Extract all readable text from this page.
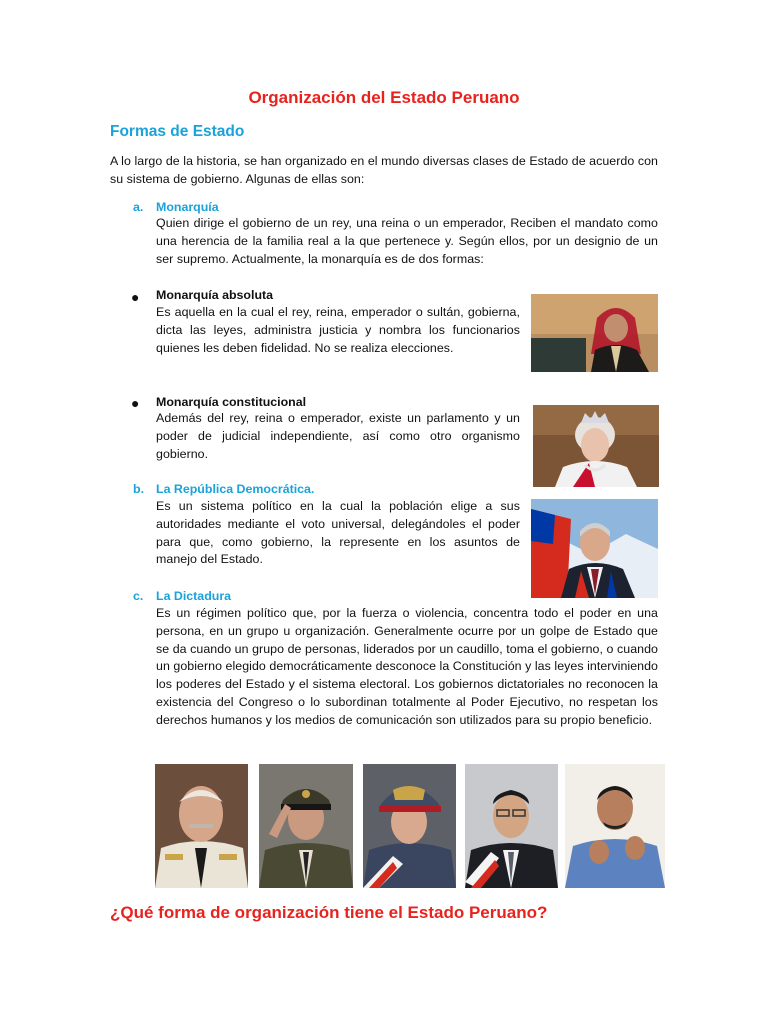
Organización del Estado Peruano
Formas de Estado

A lo largo de la historia, se han organizado en el mundo diversas clases de Estado de acuerdo con su sistema de gobierno. Algunas de ellas son:

a. Monarquía

Quien dirige el gobierno de un rey, una reina o un emperador, Reciben el mandato como una herencia de la familia real a la que pertenece y. Según ellos, por un designio de un ser supremo. Actualmente, la monarquía es de dos formas:

● Monarquía absoluta

Es aquella en la cual el rey, reina, emperador o sultán, gobierna, dicta las leyes, administra justicia y nombra los funcionarios quienes les deben fidelidad. No se realiza elecciones.

● Monarquía constitucional

Además del rey, reina o emperador, existe un parlamento y un poder de judicial independiente, así como otro organismo gobierno.

b. La República Democrática.

Es un sistema político en la cual la población elige a sus autoridades mediante el voto universal, delegándoles el poder para que, como gobierno, la represente en los asuntos de manejo del Estado.

c. La Dictadura

Es un régimen político que, por la fuerza o violencia, concentra todo el poder en una persona, en un grupo u organización. Generalmente ocurre por un golpe de Estado que se da cuando un grupo de personas, liderados por un caudillo, toma el gobierno, o cuando un gobierno elegido democráticamente desconoce la Constitución y las leyes interviniendo los poderes del Estado y el sistema electoral. Los gobiernos dictatoriales no reconocen la existencia del Congreso o lo subordinan totalmente al Poder Ejecutivo, no respetan los derechos humanos y los medios de comunicación son utilizados para su propio beneficio.

¿Qué forma de organización tiene el Estado Peruano?
